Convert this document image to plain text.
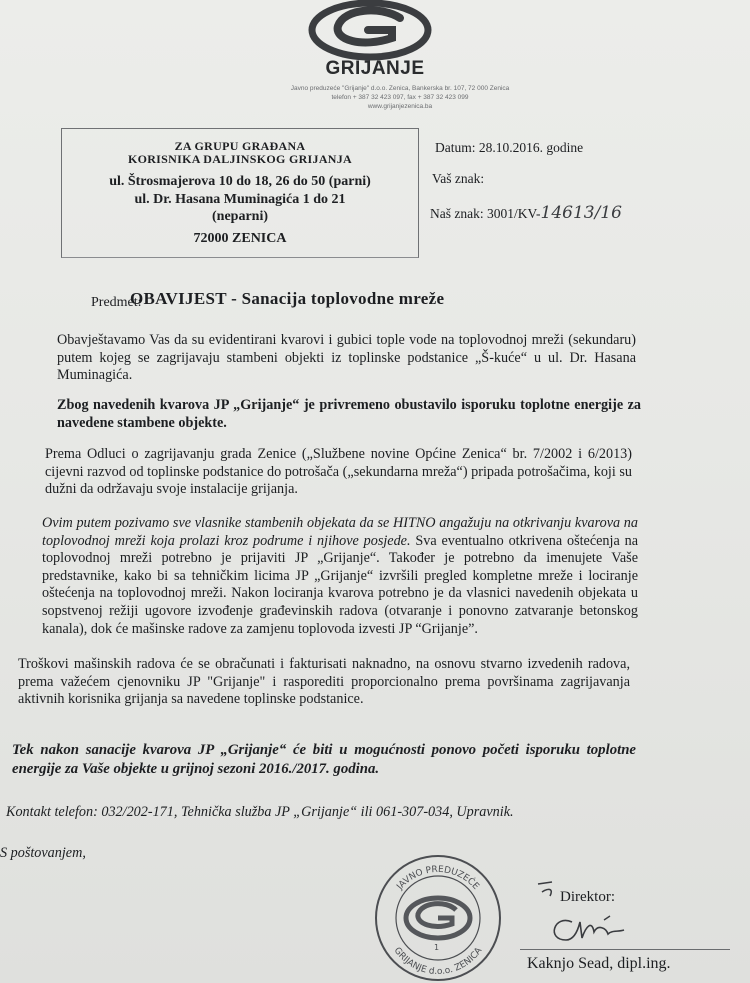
GRIJANJE
Javno preduzeće "Grijanje" d.o.o. Zenica, Bankerska br. 107, 72 000 Zenica
telefon + 387 32 423 097, fax + 387 32 423 099
www.grijanjezenica.ba
ZA GRUPU GRAĐANA
KORISNIKA DALJINSKOG GRIJANJA
ul. Štrosmajerova 10 do 18, 26 do 50 (parni)
ul. Dr. Hasana Muminagića 1 do 21
(neparni)
72000 ZENICA
Datum: 28.10.2016. godine
Vaš znak:
Naš znak: 3001/KV-14613/16
Predmet:
OBAVIJEST - Sanacija toplovodne mreže
Obavještavamo Vas da su evidentirani kvarovi i gubici tople vode na toplovodnoj mreži (sekundaru) putem kojeg se zagrijavaju stambeni objekti iz toplinske podstanice „Š-kuće“ u ul. Dr. Hasana Muminagića.
Zbog navedenih kvarova JP „Grijanje“ je privremeno obustavilo isporuku toplotne energije za navedene stambene objekte.
Prema Odluci o zagrijavanju grada Zenice („Službene novine Općine Zenica“ br. 7/2002 i 6/2013) cijevni razvod od toplinske podstanice do potrošača („sekundarna mreža“) pripada potrošačima, koji su dužni da održavaju svoje instalacije grijanja.
Ovim putem pozivamo sve vlasnike stambenih objekata da se HITNO angažuju na otkrivanju kvarova na toplovodnoj mreži koja prolazi kroz podrume i njihove posjede. Sva eventualno otkrivena oštećenja na toplovodnoj mreži potrebno je prijaviti JP „Grijanje“. Također je potrebno da imenujete Vaše predstavnike, kako bi sa tehničkim licima JP „Grijanje“ izvršili pregled kompletne mreže i lociranje oštećenja na toplovodnoj mreži. Nakon lociranja kvarova potrebno je da vlasnici navedenih objekata u sopstvenoj režiji ugovore izvođenje građevinskih radova (otvaranje i ponovno zatvaranje betonskog kanala), dok će mašinske radove za zamjenu toplovoda izvesti JP “Grijanje”.
Troškovi mašinskih radova će se obračunati i fakturisati naknadno, na osnovu stvarno izvedenih radova, prema važećem cjenovniku JP "Grijanje" i rasporediti proporcionalno prema površinama zagrijavanja aktivnih korisnika grijanja sa navedene toplinske podstanice.
Tek nakon sanacije kvarova JP „Grijanje“ će biti u mogućnosti ponovo početi isporuku toplotne energije za Vaše objekte u grijnoj sezoni 2016./2017. godina.
Kontakt telefon: 032/202-171, Tehnička služba JP „Grijanje“ ili 061-307-034, Upravnik.
S poštovanjem,
JAVNO PREDUZEĆE
GRIJANJE d.o.o. ZENICA
1
Direktor:
Kaknjo Sead, dipl.ing.
